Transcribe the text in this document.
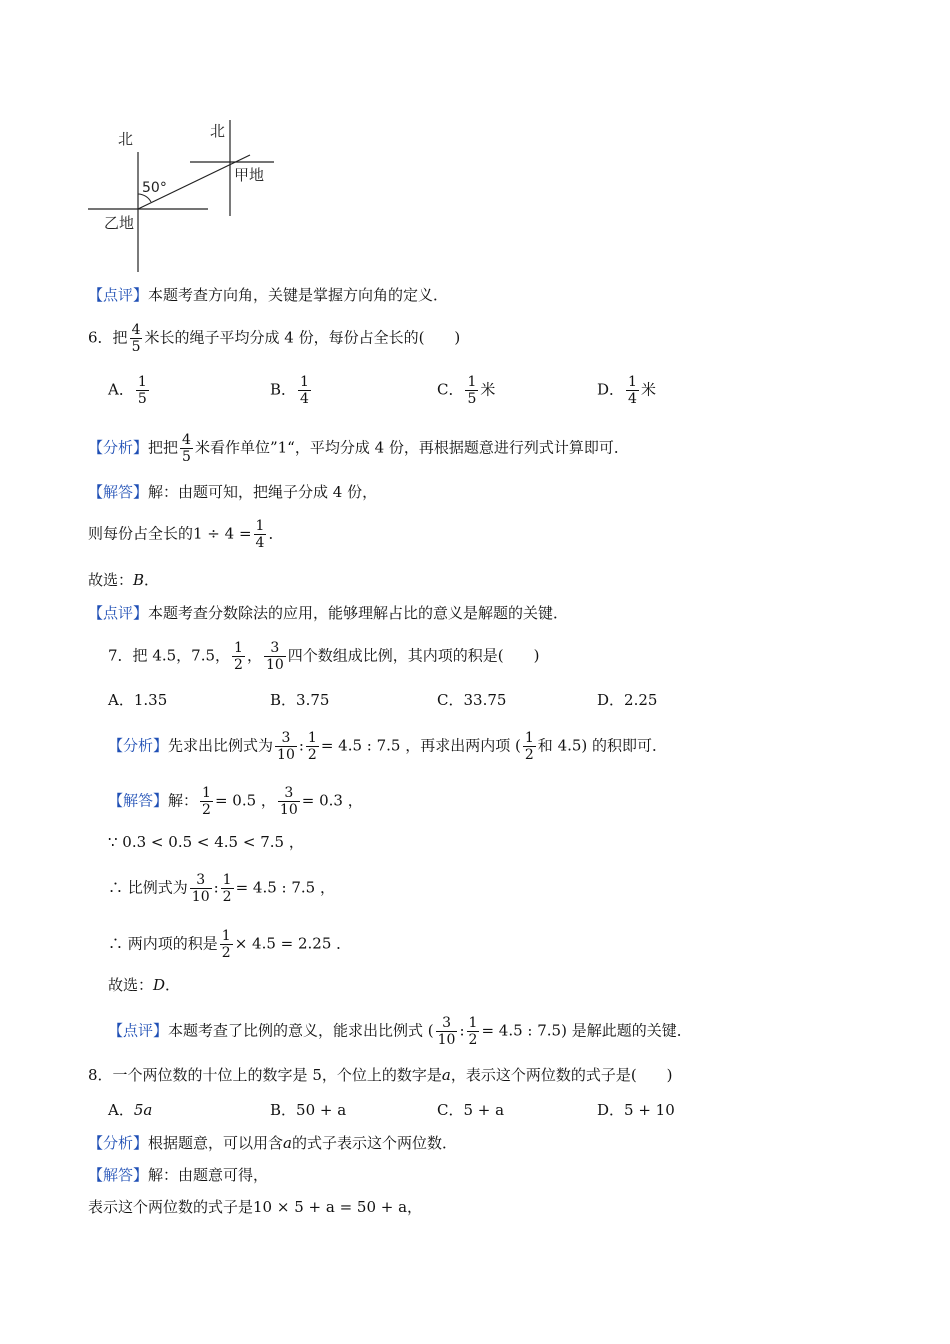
北	北
50°
甲地
乙地
【点评】本题考查方向角，关键是掌握方向角的定义．
6．把 $\frac{4}{5}$ 米长的绳子平均分成 4 份，每份占全长的(　　)
A． $\frac{1}{5}$	B． $\frac{1}{4}$	C． $\frac{1}{5}$ 米	D． $\frac{1}{4}$ 米
【分析】把把 $\frac{4}{5}$ 米看作单位”1“，平均分成 4 份，再根据题意进行列式计算即可．
【解答】解：由题可知，把绳子分成 4 份，
则每份占全长的$1 \div 4 = \frac{1}{4}$ ．
故选：B．
【点评】本题考查分数除法的应用，能够理解占比的意义是解题的关键．
7．把 4.5，7.5， $\frac{1}{2}$ ， $\frac{3}{10}$ 四个数组成比例，其内项的积是(　　)
A．1.35	B．3.75	C．33.75	D．2.25
【分析】先求出比例式为 $\frac{3}{10}$ : $\frac{1}{2} = 4.5$ : 7.5 ，再求出两内项 ( $\frac{1}{2}$ 和 4.5) 的积即可．
【解答】解： $\frac{1}{2} = 0.5$ ， $\frac{3}{10} = 0.3$ ，
∵ 0.3 < 0.5 < 4.5 < 7.5 ，
∴ 比例式为 $\frac{3}{10}$ : $\frac{1}{2} = 4.5$ : 7.5 ，
∴ 两内项的积是 $\frac{1}{2} \times 4.5 = 2.25$ ．
故选：D．
【点评】本题考查了比例的意义，能求出比例式 ( $\frac{3}{10}$ : $\frac{1}{2} = 4.5$ : 7.5) 是解此题的关键．
8．一个两位数的十位上的数字是 5，个位上的数字是a，表示这个两位数的式子是(　　)
A．5a	B．50 + a	C．5 + a	D．5 + 10
【分析】根据题意，可以用含a的式子表示这个两位数．
【解答】解：由题意可得，
表示这个两位数的式子是10 × 5 + a = 50 + a，
